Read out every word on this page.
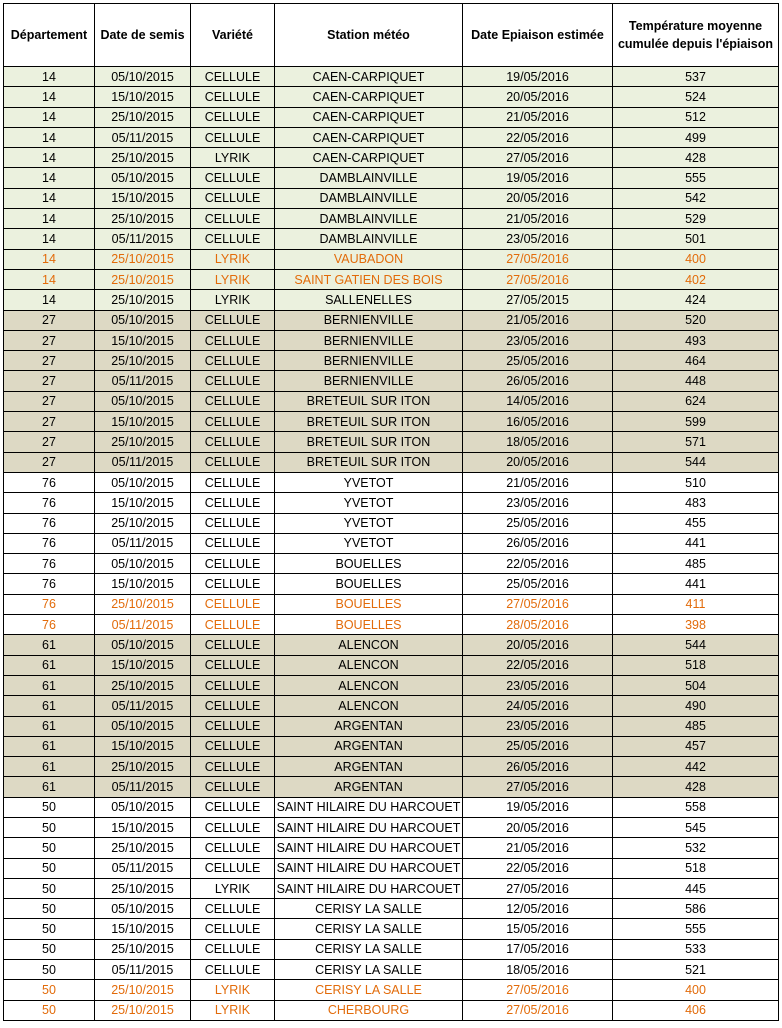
Département	Date de semis	Variété	Station météo	Date Epiaison estimée	Température moyenne cumulée depuis l'épiaison
14	05/10/2015	CELLULE	CAEN-CARPIQUET	19/05/2016	537
14	15/10/2015	CELLULE	CAEN-CARPIQUET	20/05/2016	524
14	25/10/2015	CELLULE	CAEN-CARPIQUET	21/05/2016	512
14	05/11/2015	CELLULE	CAEN-CARPIQUET	22/05/2016	499
14	25/10/2015	LYRIK	CAEN-CARPIQUET	27/05/2016	428
14	05/10/2015	CELLULE	DAMBLAINVILLE	19/05/2016	555
14	15/10/2015	CELLULE	DAMBLAINVILLE	20/05/2016	542
14	25/10/2015	CELLULE	DAMBLAINVILLE	21/05/2016	529
14	05/11/2015	CELLULE	DAMBLAINVILLE	23/05/2016	501
14	25/10/2015	LYRIK	VAUBADON	27/05/2016	400
14	25/10/2015	LYRIK	SAINT GATIEN DES BOIS	27/05/2016	402
14	25/10/2015	LYRIK	SALLENELLES	27/05/2015	424
27	05/10/2015	CELLULE	BERNIENVILLE	21/05/2016	520
27	15/10/2015	CELLULE	BERNIENVILLE	23/05/2016	493
27	25/10/2015	CELLULE	BERNIENVILLE	25/05/2016	464
27	05/11/2015	CELLULE	BERNIENVILLE	26/05/2016	448
27	05/10/2015	CELLULE	BRETEUIL SUR ITON	14/05/2016	624
27	15/10/2015	CELLULE	BRETEUIL SUR ITON	16/05/2016	599
27	25/10/2015	CELLULE	BRETEUIL SUR ITON	18/05/2016	571
27	05/11/2015	CELLULE	BRETEUIL SUR ITON	20/05/2016	544
76	05/10/2015	CELLULE	YVETOT	21/05/2016	510
76	15/10/2015	CELLULE	YVETOT	23/05/2016	483
76	25/10/2015	CELLULE	YVETOT	25/05/2016	455
76	05/11/2015	CELLULE	YVETOT	26/05/2016	441
76	05/10/2015	CELLULE	BOUELLES	22/05/2016	485
76	15/10/2015	CELLULE	BOUELLES	25/05/2016	441
76	25/10/2015	CELLULE	BOUELLES	27/05/2016	411
76	05/11/2015	CELLULE	BOUELLES	28/05/2016	398
61	05/10/2015	CELLULE	ALENCON	20/05/2016	544
61	15/10/2015	CELLULE	ALENCON	22/05/2016	518
61	25/10/2015	CELLULE	ALENCON	23/05/2016	504
61	05/11/2015	CELLULE	ALENCON	24/05/2016	490
61	05/10/2015	CELLULE	ARGENTAN	23/05/2016	485
61	15/10/2015	CELLULE	ARGENTAN	25/05/2016	457
61	25/10/2015	CELLULE	ARGENTAN	26/05/2016	442
61	05/11/2015	CELLULE	ARGENTAN	27/05/2016	428
50	05/10/2015	CELLULE	SAINT HILAIRE DU HARCOUET	19/05/2016	558
50	15/10/2015	CELLULE	SAINT HILAIRE DU HARCOUET	20/05/2016	545
50	25/10/2015	CELLULE	SAINT HILAIRE DU HARCOUET	21/05/2016	532
50	05/11/2015	CELLULE	SAINT HILAIRE DU HARCOUET	22/05/2016	518
50	25/10/2015	LYRIK	SAINT HILAIRE DU HARCOUET	27/05/2016	445
50	05/10/2015	CELLULE	CERISY LA SALLE	12/05/2016	586
50	15/10/2015	CELLULE	CERISY LA SALLE	15/05/2016	555
50	25/10/2015	CELLULE	CERISY LA SALLE	17/05/2016	533
50	05/11/2015	CELLULE	CERISY LA SALLE	18/05/2016	521
50	25/10/2015	LYRIK	CERISY LA SALLE	27/05/2016	400
50	25/10/2015	LYRIK	CHERBOURG	27/05/2016	406
